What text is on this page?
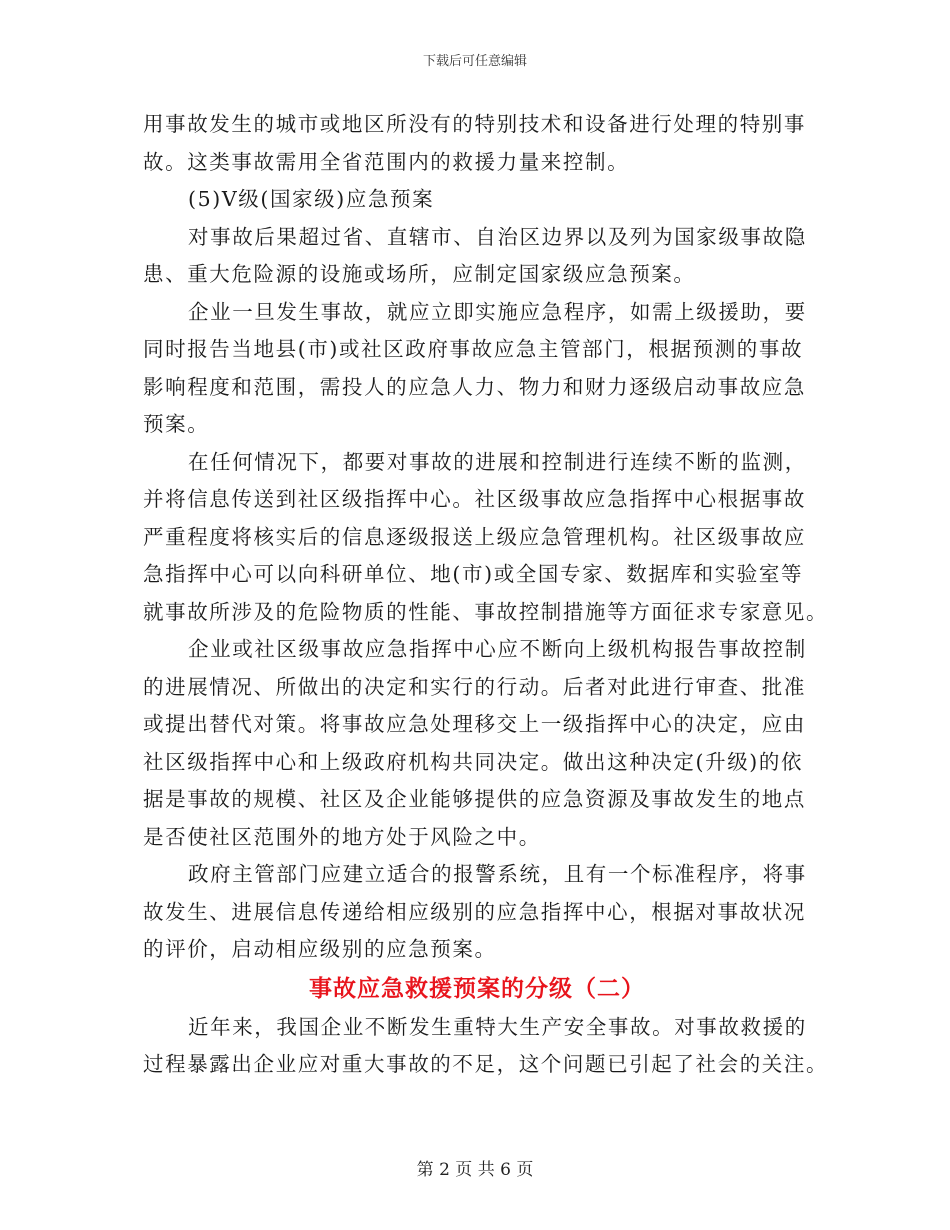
下载后可任意编辑
用事故发生的城市或地区所没有的特别技术和设备进行处理的特别事
故。这类事故需用全省范围内的救援力量来控制。
(5)Ⅴ级(国家级)应急预案
对事故后果超过省、直辖市、自治区边界以及列为国家级事故隐
患、重大危险源的设施或场所，应制定国家级应急预案。
企业一旦发生事故，就应立即实施应急程序，如需上级援助，要
同时报告当地县(市)或社区政府事故应急主管部门，根据预测的事故
影响程度和范围，需投人的应急人力、物力和财力逐级启动事故应急
预案。
在任何情况下，都要对事故的进展和控制进行连续不断的监测，
并将信息传送到社区级指挥中心。社区级事故应急指挥中心根据事故
严重程度将核实后的信息逐级报送上级应急管理机构。社区级事故应
急指挥中心可以向科研单位、地(市)或全国专家、数据库和实验室等
就事故所涉及的危险物质的性能、事故控制措施等方面征求专家意见。
企业或社区级事故应急指挥中心应不断向上级机构报告事故控制
的进展情况、所做出的决定和实行的行动。后者对此进行审查、批准
或提出替代对策。将事故应急处理移交上一级指挥中心的决定，应由
社区级指挥中心和上级政府机构共同决定。做出这种决定(升级)的依
据是事故的规模、社区及企业能够提供的应急资源及事故发生的地点
是否使社区范围外的地方处于风险之中。
政府主管部门应建立适合的报警系统，且有一个标准程序，将事
故发生、进展信息传递给相应级别的应急指挥中心，根据对事故状况
的评价，启动相应级别的应急预案。
事故应急救援预案的分级（二）
近年来，我国企业不断发生重特大生产安全事故。对事故救援的
过程暴露出企业应对重大事故的不足，这个问题已引起了社会的关注。
第 2 页 共 6 页
